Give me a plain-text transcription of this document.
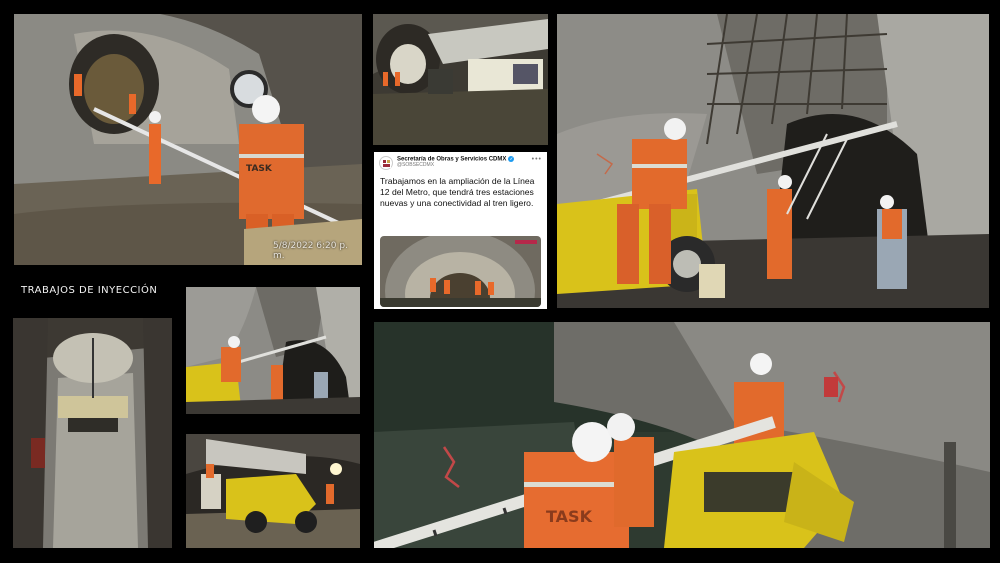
TASK
5/8/2022 6:20 p. m.
Secretaría de Obras y Servicios CDMX ✓
@SOBSECDMX
•••
Trabajamos en la ampliación de la Línea 12 del Metro, que tendrá tres estaciones nuevas y una conectividad al tren ligero.
TRABAJOS DE INYECCIÓN
TASK
